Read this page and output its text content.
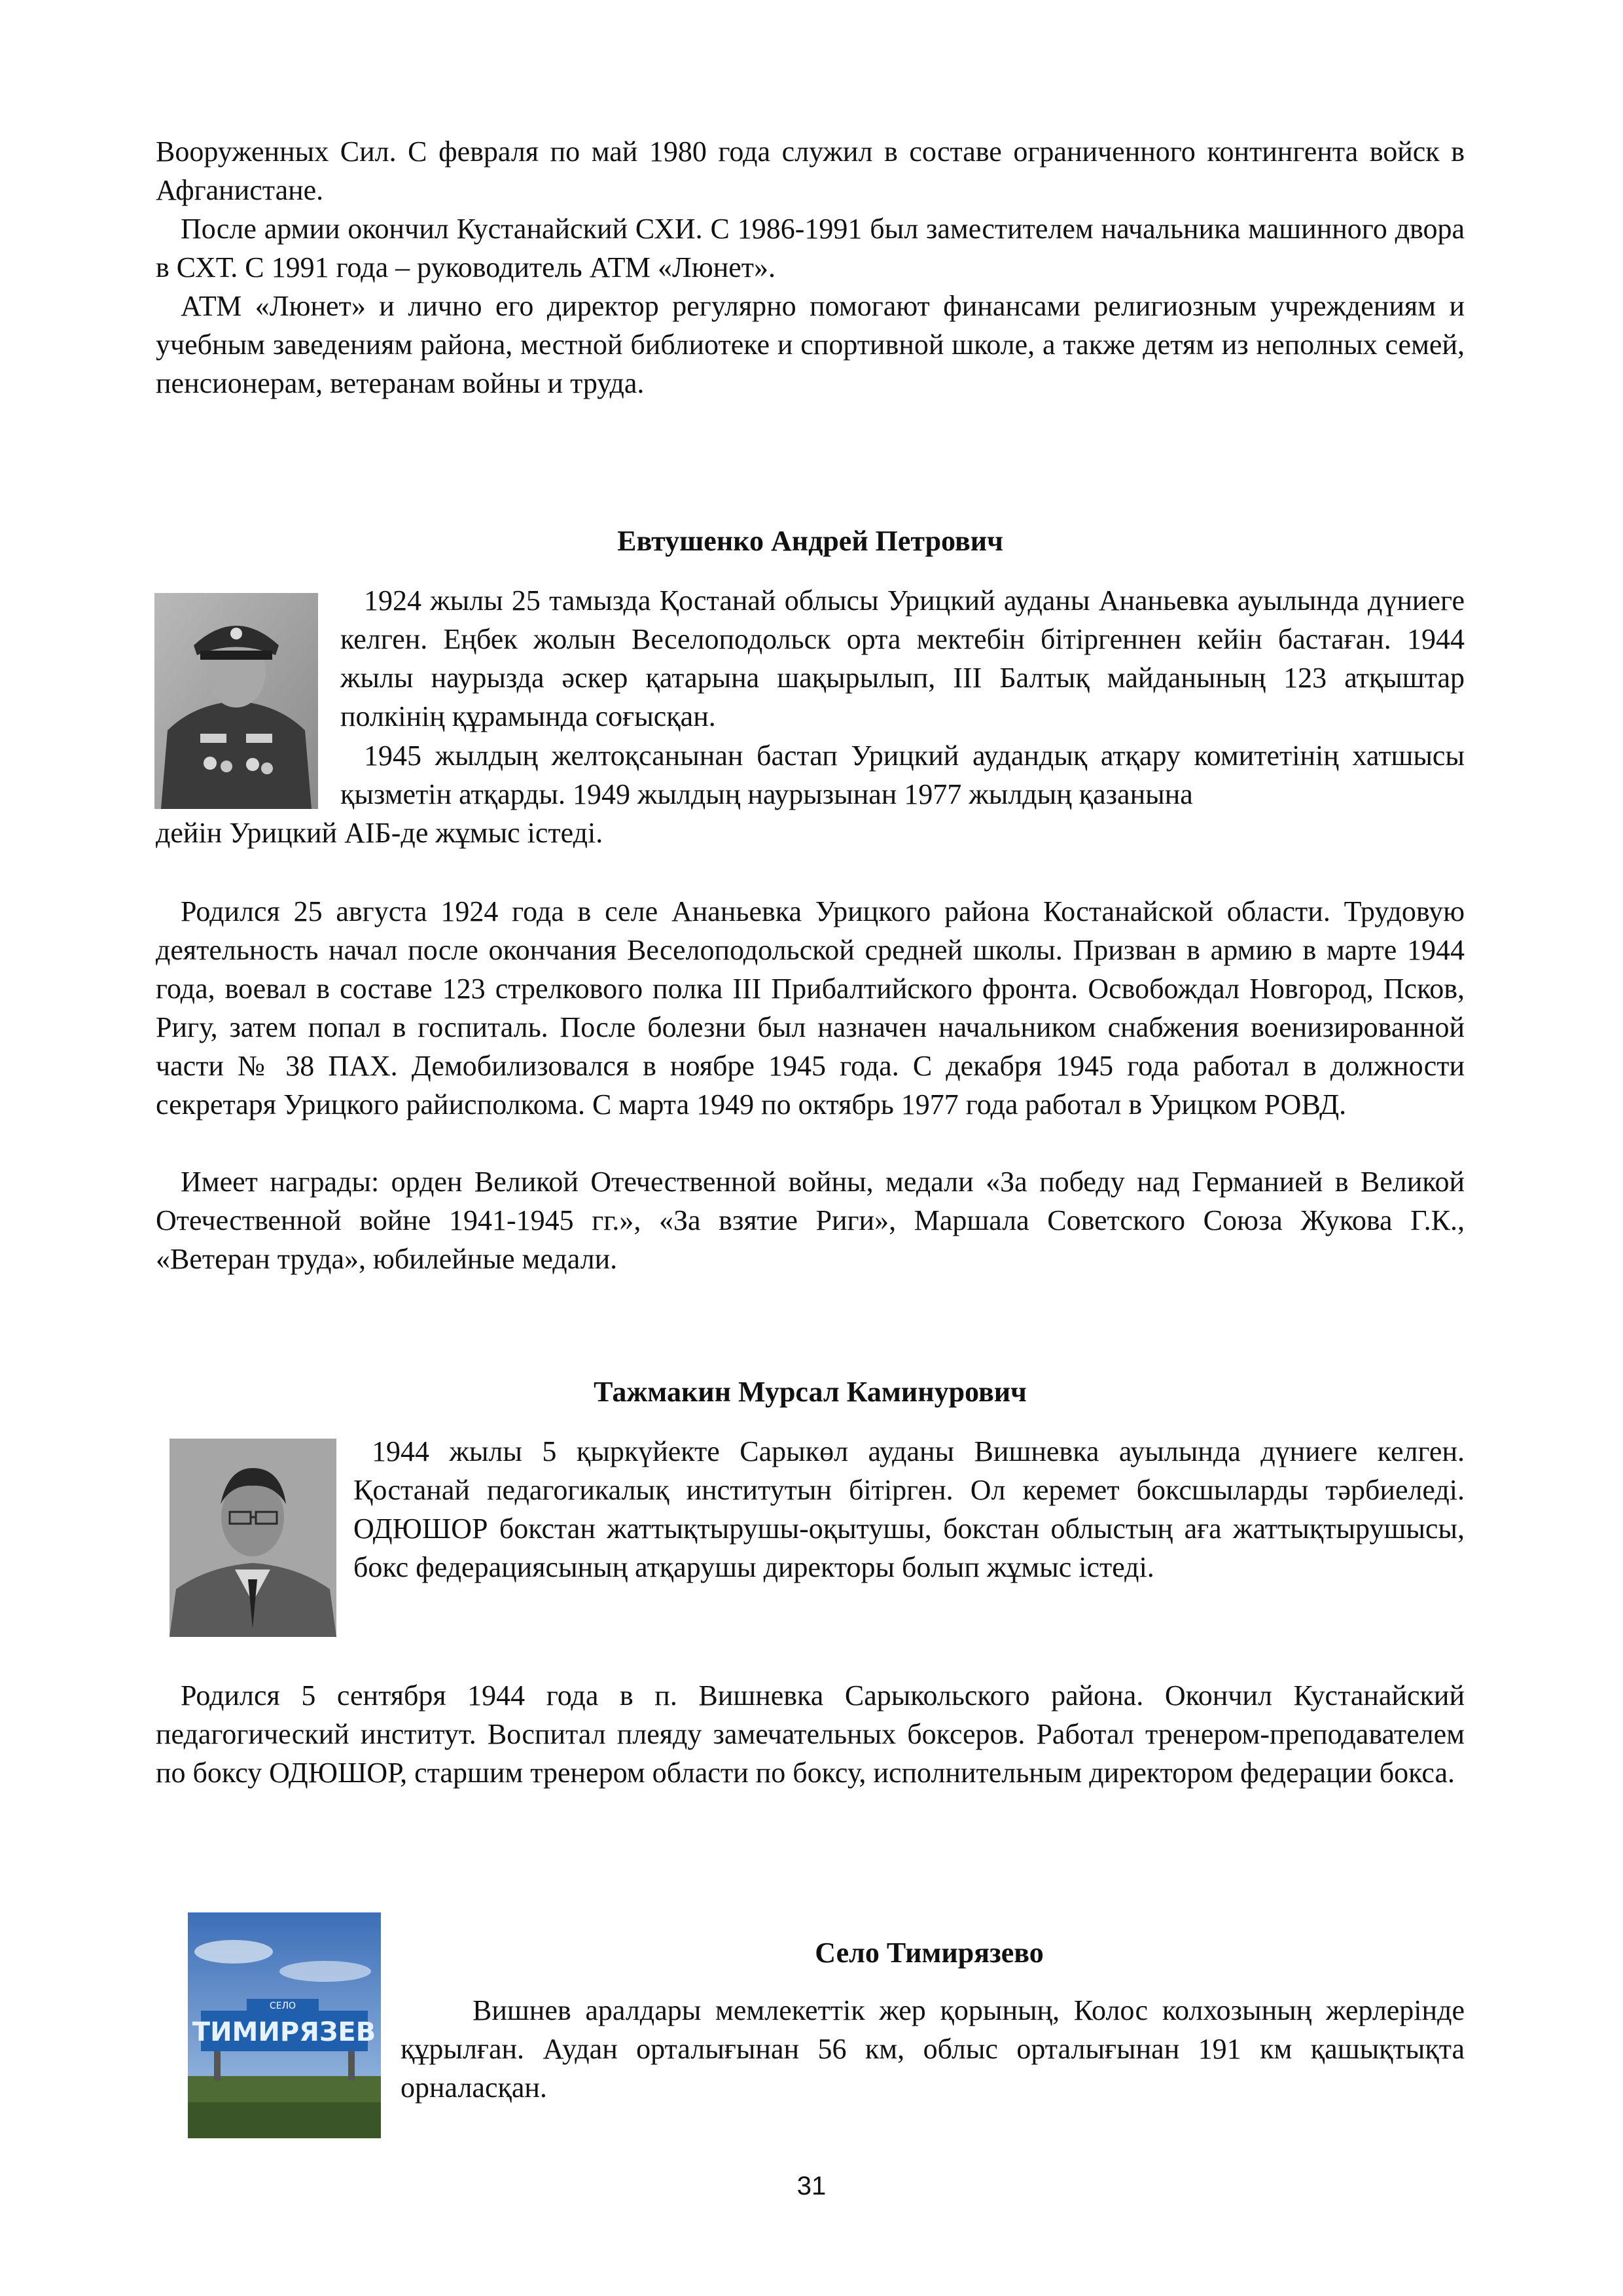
Вооруженных Сил. С февраля по май 1980 года служил в составе ограниченного контингента войск в Афганистане.

После армии окончил Кустанайский СХИ. С 1986-1991 был заместителем начальника машинного двора в СХТ. С 1991 года – руководитель АТМ «Люнет».

АТМ «Люнет» и лично его директор регулярно помогают финансами религиозным учреждениям и учебным заведениям района, местной библиотеке и спортивной школе, а также детям из неполных семей, пенсионерам, ветеранам войны и труда.

Евтушенко Андрей Петрович

1924 жылы 25 тамызда Қостанай облысы Урицкий ауданы Ананьевка ауылында дүниеге келген. Еңбек жолын Веселоподольск орта мектебін бітіргеннен кейін бастаған. 1944 жылы наурызда әскер қатарына шақырылып, ІІІ Балтық майданының 123 атқыштар полкінің құрамында соғысқан.

1945 жылдың желтоқсанынан бастап Урицкий аудандық атқару комитетінің хатшысы қызметін атқарды. 1949 жылдың наурызынан 1977 жылдың қазанына

дейін Урицкий АІБ-де жұмыс істеді.

Родился 25 августа 1924 года в селе Ананьевка Урицкого района Костанайской области. Трудовую деятельность начал после окончания Веселоподольской средней школы. Призван в армию в марте 1944 года, воевал в составе 123 стрелкового полка III Прибалтийского фронта. Освобождал Новгород, Псков, Ригу, затем попал в госпиталь. После болезни был назначен начальником снабжения военизированной части № 38 ПАХ. Демобилизовался в ноябре 1945 года. С декабря 1945 года работал в должности секретаря Урицкого райисполкома. С марта 1949 по октябрь 1977 года работал в Урицком РОВД.

Имеет награды: орден Великой Отечественной войны, медали «За победу над Германией в Великой Отечественной войне 1941-1945 гг.», «За взятие Риги», Маршала Советского Союза Жукова Г.К., «Ветеран труда», юбилейные медали.

Тажмакин Мурсал Каминурович

1944 жылы 5 қыркүйекте Сарыкөл ауданы Вишневка ауылында дүниеге келген. Қостанай педагогикалық институтын бітірген. Ол керемет боксшыларды тәрбиеледі. ОДЮШОР бокстан жаттықтырушы-оқытушы, бокстан облыстың аға жаттықтырушысы, бокс федерациясының атқарушы директоры болып жұмыс істеді.

Родился 5 сентября 1944 года в п. Вишневка Сарыкольского района. Окончил Кустанайский педагогический институт. Воспитал плеяду замечательных боксеров. Работал тренером-преподавателем по боксу ОДЮШОР, старшим тренером области по боксу, исполнительным директором федерации бокса.

СЕЛО
ТИМИРЯЗЕВ
Село Тимирязево

Вишнев аралдары мемлекеттік жер қорының, Колос колхозының жерлерінде құрылған. Аудан орталығынан 56 км, облыс орталығынан 191 км қашықтықта орналасқан.

31
